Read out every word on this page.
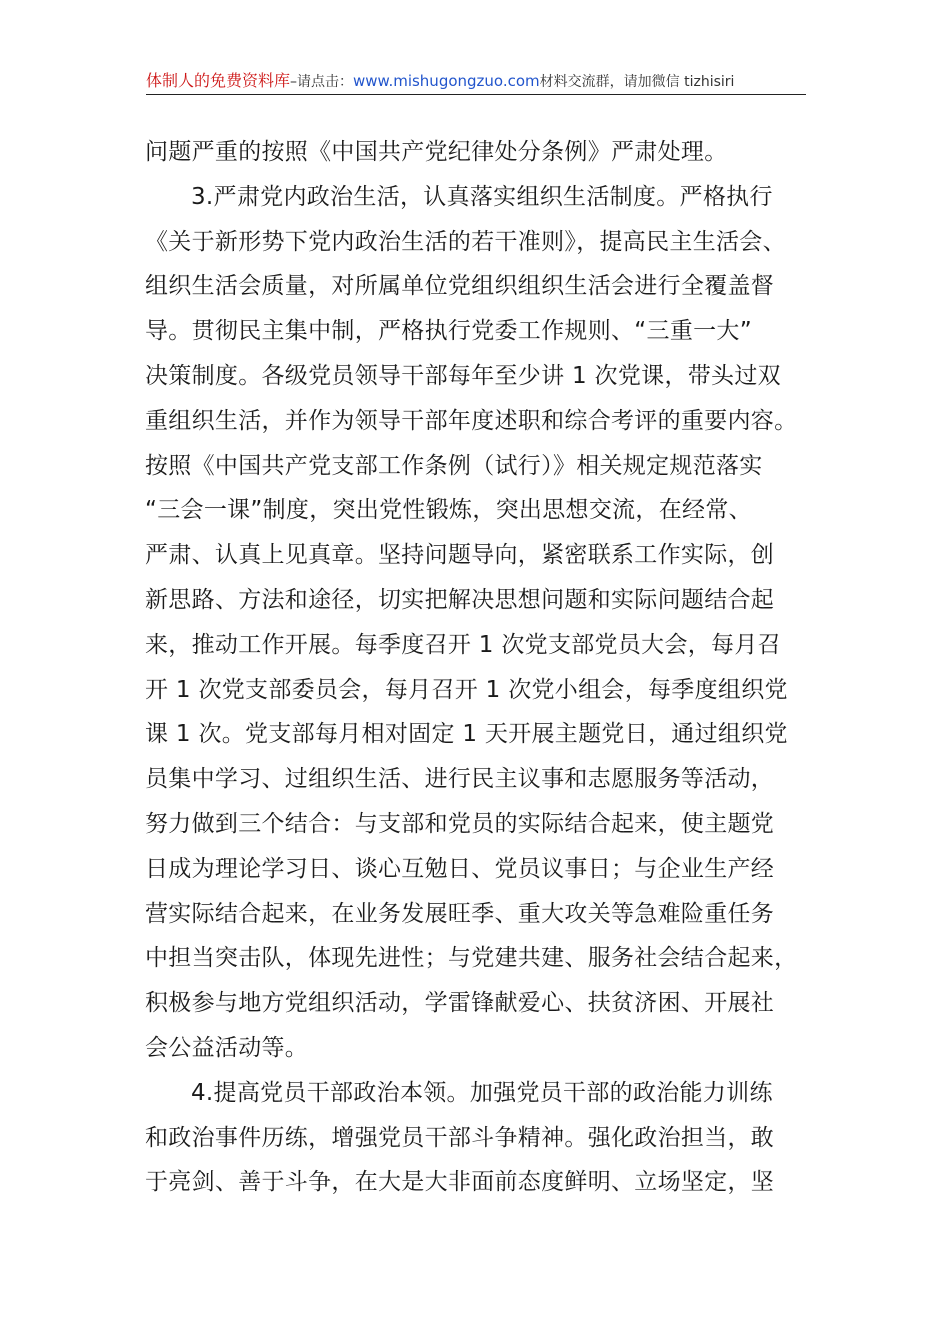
体制人的免费资料库–请点击：www.mishugongzuo.com材料交流群，请加微信 tizhisiri
问题严重的按照《中国共产党纪律处分条例》严肃处理。
3.严肃党内政治生活，认真落实组织生活制度。严格执行
《关于新形势下党内政治生活的若干准则》，提高民主生活会、
组织生活会质量，对所属单位党组织组织生活会进行全覆盖督
导。贯彻民主集中制，严格执行党委工作规则、“三重一大”
决策制度。各级党员领导干部每年至少讲 1 次党课，带头过双
重组织生活，并作为领导干部年度述职和综合考评的重要内容。
按照《中国共产党支部工作条例（试行）》相关规定规范落实
“三会一课”制度，突出党性锻炼，突出思想交流，在经常、
严肃、认真上见真章。坚持问题导向，紧密联系工作实际，创
新思路、方法和途径，切实把解决思想问题和实际问题结合起
来，推动工作开展。每季度召开 1 次党支部党员大会，每月召
开 1 次党支部委员会，每月召开 1 次党小组会，每季度组织党
课 1 次。党支部每月相对固定 1 天开展主题党日，通过组织党
员集中学习、过组织生活、进行民主议事和志愿服务等活动，
努力做到三个结合：与支部和党员的实际结合起来，使主题党
日成为理论学习日、谈心互勉日、党员议事日；与企业生产经
营实际结合起来，在业务发展旺季、重大攻关等急难险重任务
中担当突击队，体现先进性；与党建共建、服务社会结合起来，
积极参与地方党组织活动，学雷锋献爱心、扶贫济困、开展社
会公益活动等。
4.提高党员干部政治本领。加强党员干部的政治能力训练
和政治事件历练，增强党员干部斗争精神。强化政治担当，敢
于亮剑、善于斗争，在大是大非面前态度鲜明、立场坚定，坚
